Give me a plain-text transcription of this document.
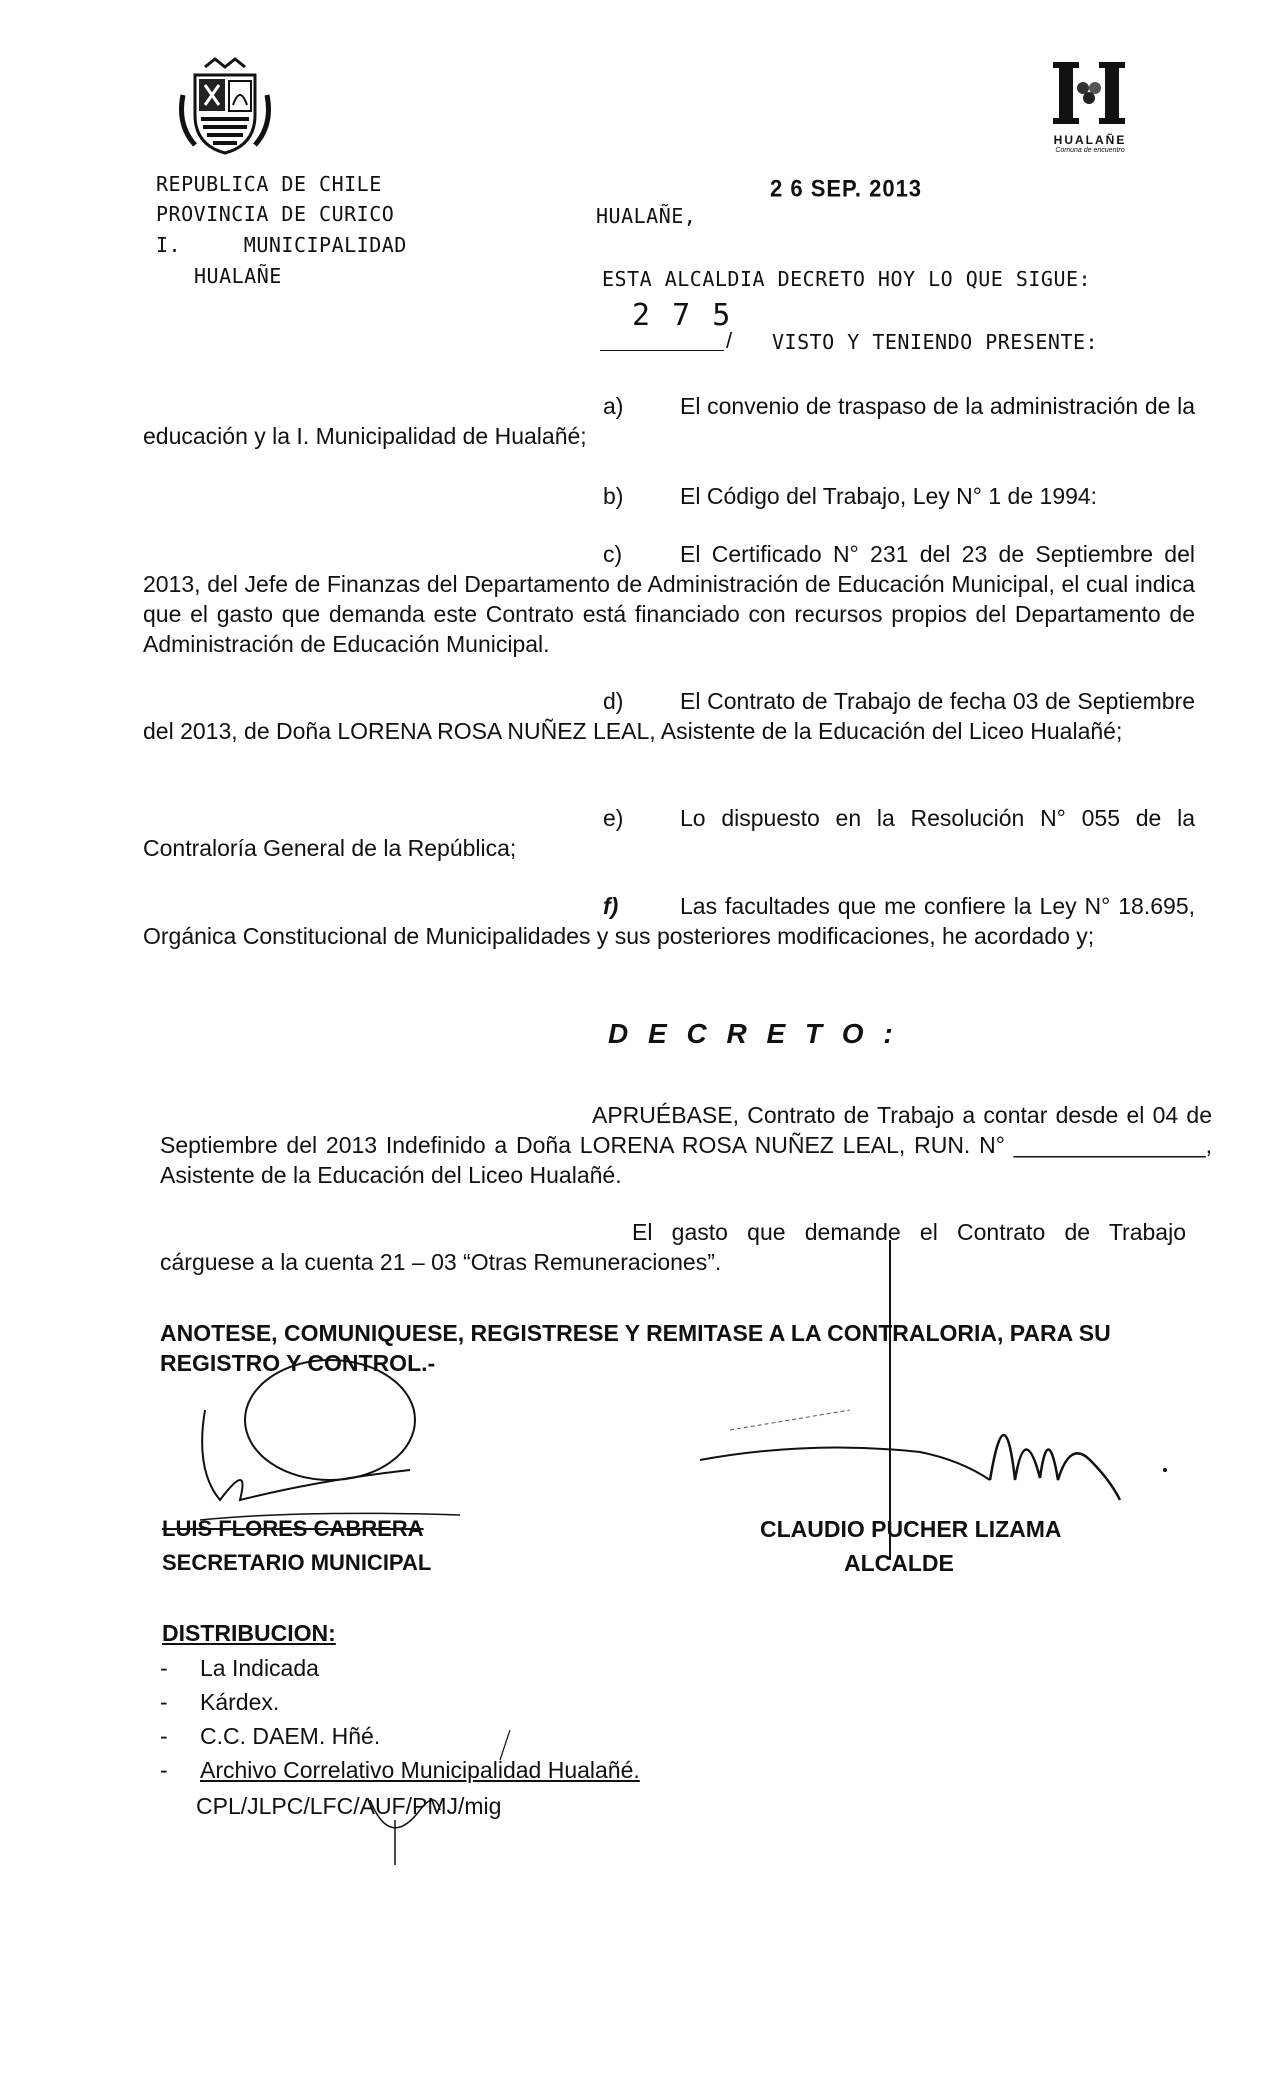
HUALAÑE
Comuna de encuentro
REPUBLICA DE CHILE
PROVINCIA DE CURICO
I.     MUNICIPALIDAD
HUALAÑE
2 6 SEP. 2013
HUALAÑE,
ESTA ALCALDIA DECRETO HOY LO QUE SIGUE:
2 7 5
/ VISTO Y TENIENDO PRESENTE:
a) El convenio de traspaso de la administración de la educación y la I. Municipalidad de Hualañé;
b) El Código del Trabajo, Ley N° 1 de 1994:
c)	El Certificado N° 231 del 23 de Septiembre del 2013, del Jefe de Finanzas del Departamento de Administración de Educación Municipal, el cual indica que el gasto que demanda este Contrato está financiado con recursos propios del Departamento de Administración de Educación Municipal.
d) El Contrato de Trabajo de fecha 03 de Septiembre del 2013, de Doña LORENA ROSA NUÑEZ LEAL, Asistente de la Educación del Liceo Hualañé;
e) Lo dispuesto en la Resolución N° 055 de la Contraloría General de la República;
f)	Las facultades que me confiere la Ley N° 18.695, Orgánica Constitucional de Municipalidades y sus posteriores modificaciones, he acordado y;
D E C R E T O :
APRUÉBASE, Contrato de Trabajo a contar desde el 04 de Septiembre del 2013 Indefinido a Doña LORENA ROSA NUÑEZ LEAL, RUN. N° _______________, Asistente de la Educación del Liceo Hualañé.
El gasto que demande el Contrato de Trabajo cárguese a la cuenta 21 – 03 “Otras Remuneraciones”.
ANOTESE, COMUNIQUESE, REGISTRESE Y REMITASE A LA CONTRALORIA, PARA SU REGISTRO Y CONTROL.-
LUIS FLORES CABRERA
SECRETARIO MUNICIPAL
CLAUDIO PUCHER LIZAMA
ALCALDE
DISTRIBUCION:
- La Indicada
- Kárdex.
- C.C. DAEM. Hñé.
- Archivo Correlativo Municipalidad Hualañé.
CPL/JLPC/LFC/AUF/PMJ/mig
